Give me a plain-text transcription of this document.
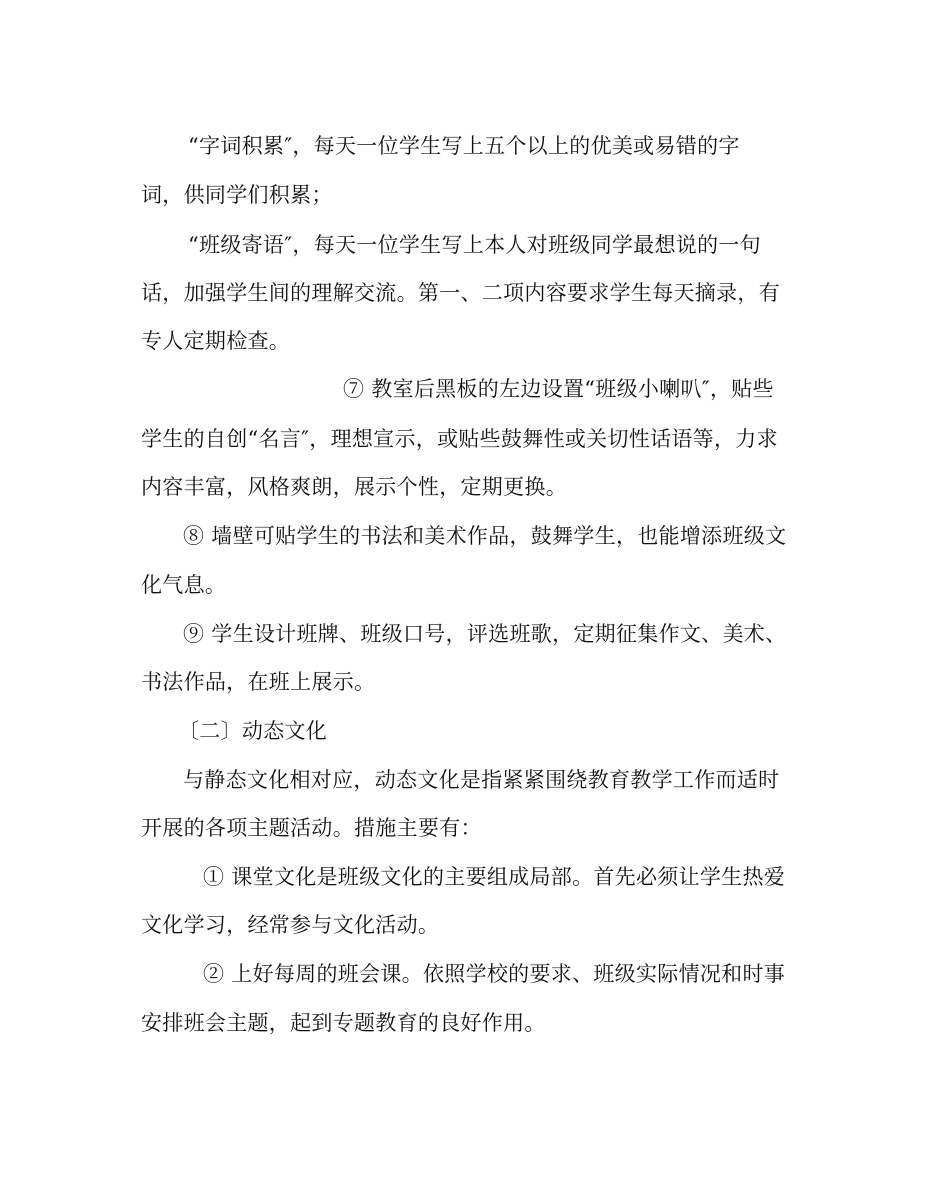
“字词积累″，每天一位学生写上五个以上的优美或易错的字
词，供同学们积累；
“班级寄语″，每天一位学生写上本人对班级同学最想说的一句
话，加强学生间的理解交流。第一、二项内容要求学生每天摘录，有
专人定期检查。
⑦ 教室后黑板的左边设置“班级小喇叭″，贴些
学生的自创“名言″，理想宣示，或贴些鼓舞性或关切性话语等，力求
内容丰富，风格爽朗，展示个性，定期更换。
⑧ 墙壁可贴学生的书法和美术作品，鼓舞学生，也能增添班级文
化气息。
⑨ 学生设计班牌、班级口号，评选班歌，定期征集作文、美术、
书法作品，在班上展示。
〔二〕动态文化
与静态文化相对应，动态文化是指紧紧围绕教育教学工作而适时
开展的各项主题活动。措施主要有：
① 课堂文化是班级文化的主要组成局部。首先必须让学生热爱
文化学习，经常参与文化活动。
② 上好每周的班会课。依照学校的要求、班级实际情况和时事
安排班会主题，起到专题教育的良好作用。
